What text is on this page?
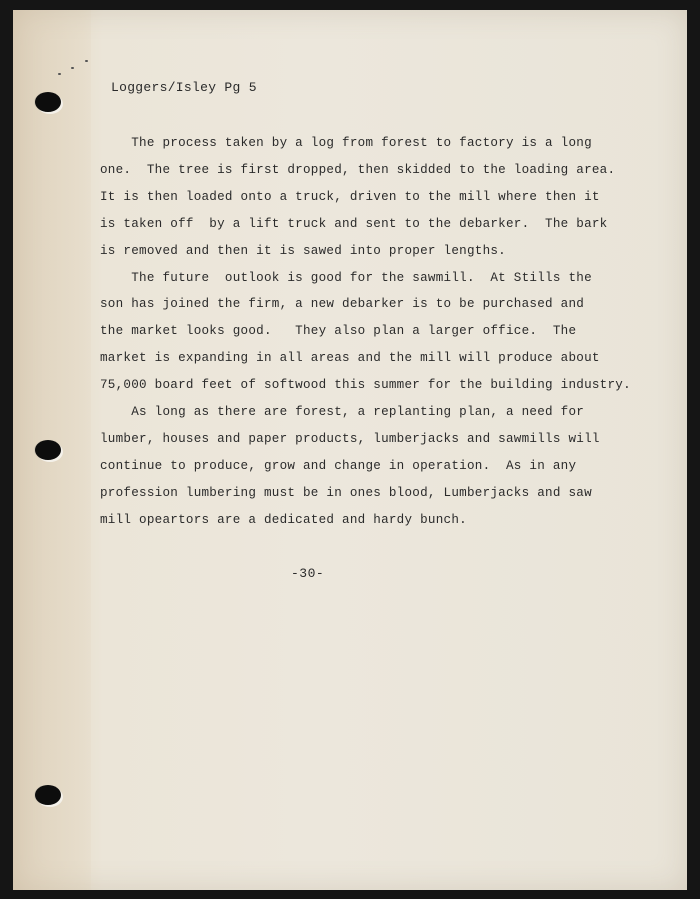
Loggers/Isley Pg 5
The process taken by a log from forest to factory is a long
one.  The tree is first dropped, then skidded to the loading area.
It is then loaded onto a truck, driven to the mill where then it
is taken off  by a lift truck and sent to the debarker.  The bark
is removed and then it is sawed into proper lengths.
The future  outlook is good for the sawmill.  At Stills the
son has joined the firm, a new debarker is to be purchased and
the market looks good.   They also plan a larger office.  The
market is expanding in all areas and the mill will produce about
75,000 board feet of softwood this summer for the building industry.
As long as there are forest, a replanting plan, a need for
lumber, houses and paper products, lumberjacks and sawmills will
continue to produce, grow and change in operation.  As in any
profession lumbering must be in ones blood, Lumberjacks and saw
mill opeartors are a dedicated and hardy bunch.
-30-
